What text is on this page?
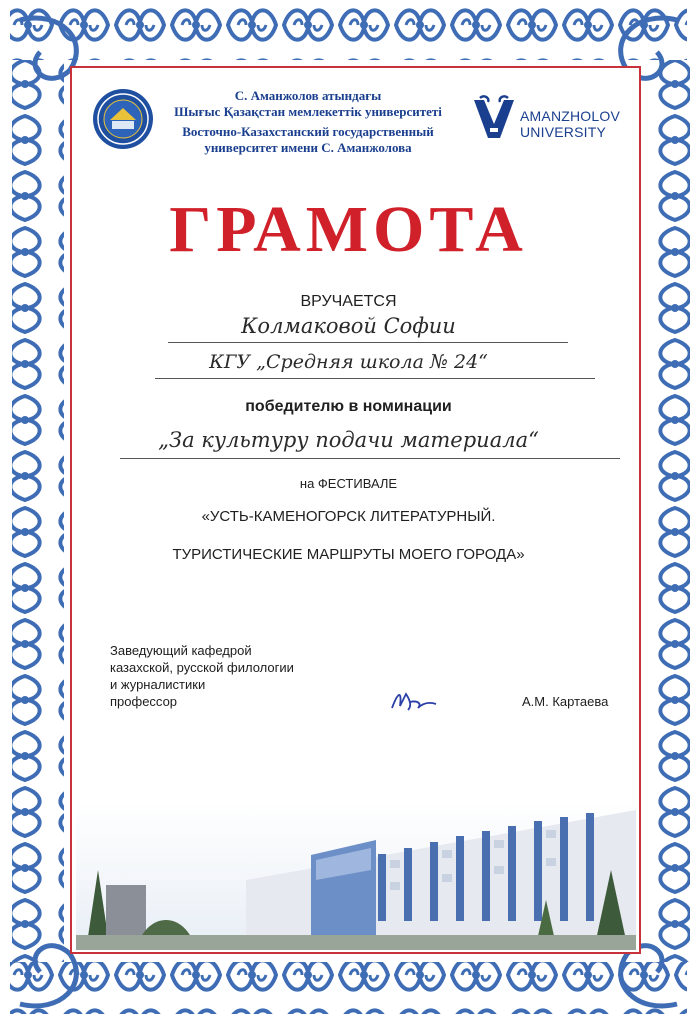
С. Аманжолов атындағы
Шығыс Қазақстан мемлекеттік университеті
Восточно-Казахстанский государственный
университет имени С. Аманжолова
AMANZHOLOV
UNIVERSITY
ГРАМОТА
ВРУЧАЕТСЯ
Колмаковой Софии
КГУ „Средняя школа № 24“
победителю в номинации
„За культуру подачи материала“
на ФЕСТИВАЛЕ
«УСТЬ-КАМЕНОГОРСК ЛИТЕРАТУРНЫЙ.
ТУРИСТИЧЕСКИЕ МАРШРУТЫ МОЕГО ГОРОДА»
Заведующий кафедрой
казахской, русской филологии
и журналистики
профессор	А.М. Картаева
